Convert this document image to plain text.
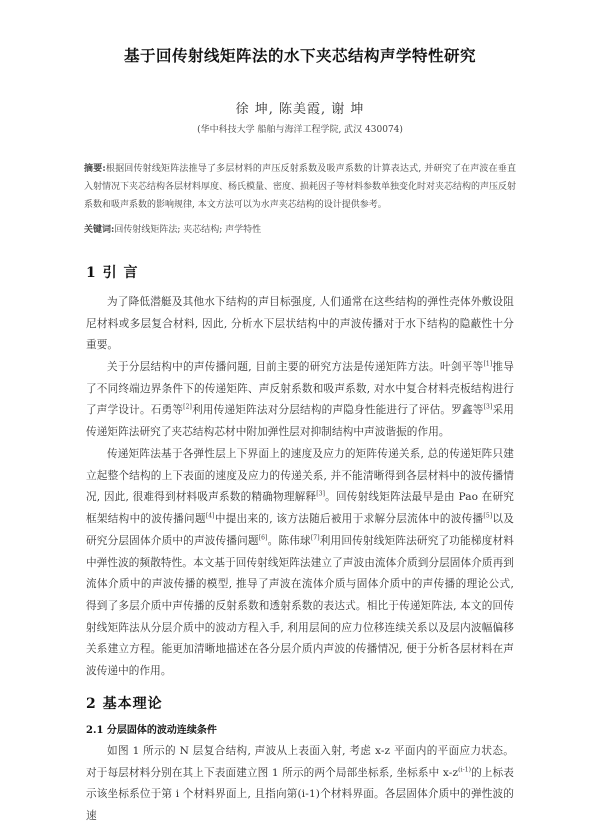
基于回传射线矩阵法的水下夹芯结构声学特性研究
徐 坤, 陈美霞, 谢 坤
(华中科技大学 船舶与海洋工程学院, 武汉 430074)
摘要:根据回传射线矩阵法推导了多层材料的声压反射系数及吸声系数的计算表达式, 并研究了在声波在垂直入射情况下夹芯结构各层材料厚度、杨氏模量、密度、损耗因子等材料参数单独变化时对夹芯结构的声压反射系数和吸声系数的影响规律, 本文方法可以为水声夹芯结构的设计提供参考。
关键词:回传射线矩阵法; 夹芯结构; 声学特性
1 引 言
为了降低潜艇及其他水下结构的声目标强度, 人们通常在这些结构的弹性壳体外敷设阻尼材料或多层复合材料, 因此, 分析水下层状结构中的声波传播对于水下结构的隐蔽性十分重要。
关于分层结构中的声传播问题, 目前主要的研究方法是传递矩阵方法。叶剑平等[1]推导了不同终端边界条件下的传递矩阵、声反射系数和吸声系数, 对水中复合材料壳板结构进行了声学设计。石勇等[2]利用传递矩阵法对分层结构的声隐身性能进行了评估。罗鑫等[3]采用传递矩阵法研究了夹芯结构芯材中附加弹性层对抑制结构中声波谐振的作用。
传递矩阵法基于各弹性层上下界面上的速度及应力的矩阵传递关系, 总的传递矩阵只建立起整个结构的上下表面的速度及应力的传递关系, 并不能清晰得到各层材料中的波传播情况, 因此, 很难得到材料吸声系数的精确物理解释[3]。回传射线矩阵法最早是由 Pao 在研究框架结构中的波传播问题[4]中提出来的, 该方法随后被用于求解分层流体中的波传播[5]以及研究分层固体介质中的声波传播问题[6]。陈伟球[7]利用回传射线矩阵法研究了功能梯度材料中弹性波的频散特性。本文基于回传射线矩阵法建立了声波由流体介质到分层固体介质再到流体介质中的声波传播的模型, 推导了声波在流体介质与固体介质中的声传播的理论公式, 得到了多层介质中声传播的反射系数和透射系数的表达式。相比于传递矩阵法, 本文的回传射线矩阵法从分层介质中的波动方程入手, 利用层间的应力位移连续关系以及层内波幅偏移关系建立方程。能更加清晰地描述在各分层介质内声波的传播情况, 便于分析各层材料在声波传递中的作用。
2 基本理论
2.1 分层固体的波动连续条件
如图 1 所示的 N 层复合结构, 声波从上表面入射, 考虑 x-z 平面内的平面应力状态。对于每层材料分别在其上下表面建立图 1 所示的两个局部坐标系, 坐标系中 $x-z^{(i-1)}$的上标表示该坐标系位于第 i 个材料界面上, 且指向第(i-1)个材料界面。各层固体介质中的弹性波的速
